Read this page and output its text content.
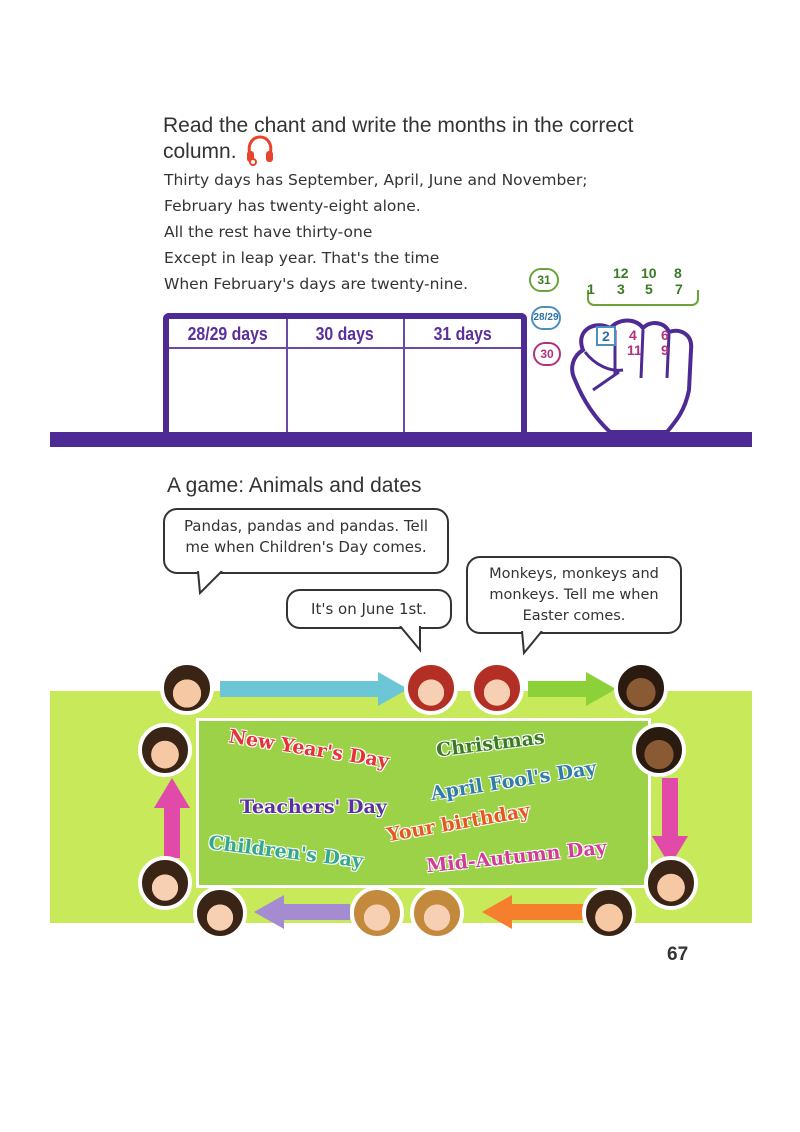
Read the chant and write the months in the correct
column.
Thirty days has September, April, June and November;
February has twenty-eight alone.
All the rest have thirty-one
Except in leap year. That's the time
When February's days are twenty-nine.
28/29 days	30 days	31 days
31
28/29
30
12 10 8
1 3 5 7
2	4 6
11 9
A game: Animals and dates
Pandas, pandas and pandas. Tell me when Children's Day comes.
It's on June 1st.
Monkeys, monkeys and monkeys. Tell me when Easter comes.
New Year's Day Christmas
April Fool's Day
Teachers' Day
Your birthday
Children's Day	Mid-Autumn Day
67
